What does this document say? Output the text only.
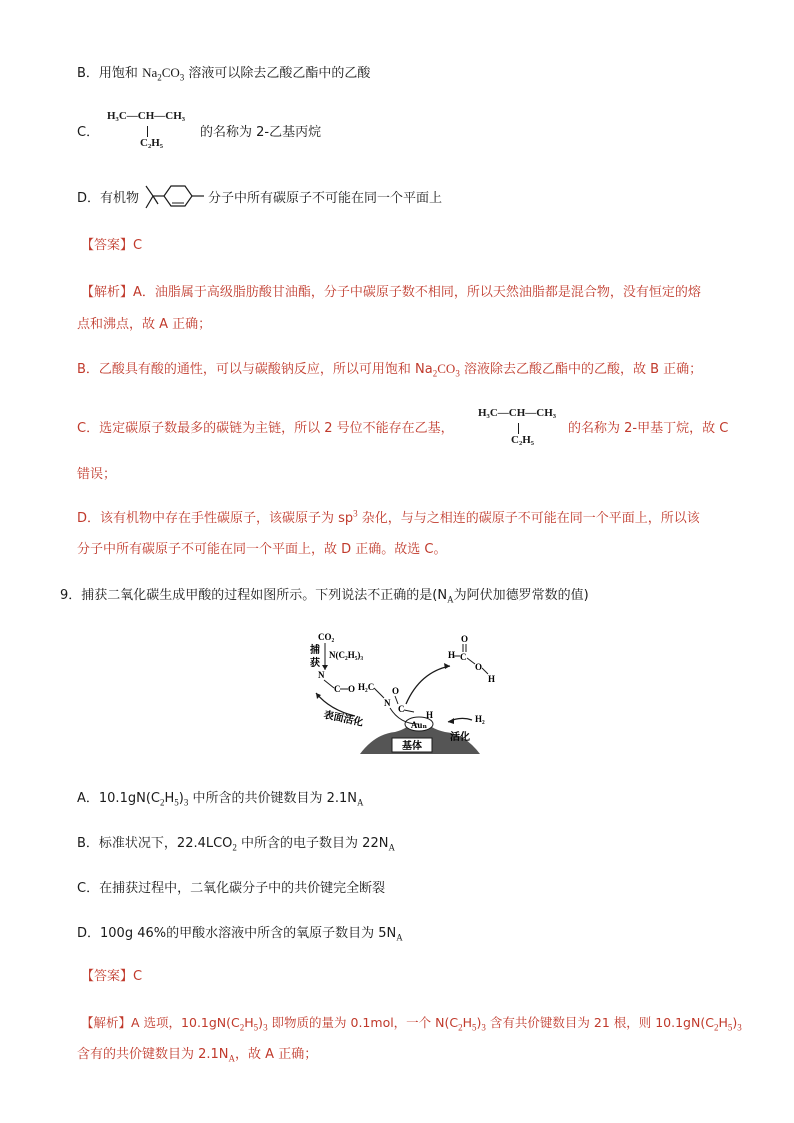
B．用饱和 $Na_2CO_3$ 溶液可以除去乙酸乙酯中的乙酸
C．
H₃C—CH—CH₃
C₂H₅
的名称为 2-乙基丙烷
D．有机物	分子中所有碳原子不可能在同一个平面上
【答案】C
【解析】A．油脂属于高级脂肪酸甘油酯，分子中碳原子数不相同，所以天然油脂都是混合物，没有恒定的熔
点和沸点，故 A 正确；
B．乙酸具有酸的通性，可以与碳酸钠反应，所以可用饱和 $Na_2CO_3$ 溶液除去乙酸乙酯中的乙酸，故 B 正确；
C．选定碳原子数最多的碳链为主链，所以 2 号位不能存在乙基，
H₃C—CH—CH₃
C₂H₅
的名称为 2-甲基丁烷，故 C
错误；
D．该有机物中存在手性碳原子，该碳原子为 $sp^3$ 杂化，与与之相连的碳原子不可能在同一个平面上，所以该
分子中所有碳原子不可能在同一个平面上，故 D 正确。故选 C。
9．捕获二氧化碳生成甲酸的过程如图所示。下列说法不正确的是($N_A$为阿伏加德罗常数的值)
基体
Auₙ
CO₂
捕
获
N(C₂H₅)₃
N
C O
表面活化
H₂C
N
O
C
H
H C
O
O
H
H₂
活化
A．$10.1gN(C_2H_5)_3$ 中所含的共价键数目为 $2.1N_A$
B．标准状况下，$22.4LCO_2$ 中所含的电子数目为 $22N_A$
C．在捕获过程中，二氧化碳分子中的共价键完全断裂
D．100g 46%的甲酸水溶液中所含的氧原子数目为 $5N_A$
【答案】C
【解析】A 选项，$10.1gN(C_2H_5)_3$ 即物质的量为 0.1mol，一个 $N(C_2H_5)_3$ 含有共价键数目为 21 根，则 $10.1gN(C_2H_5)_3$
含有的共价键数目为 $2.1N_A$，故 A 正确；
